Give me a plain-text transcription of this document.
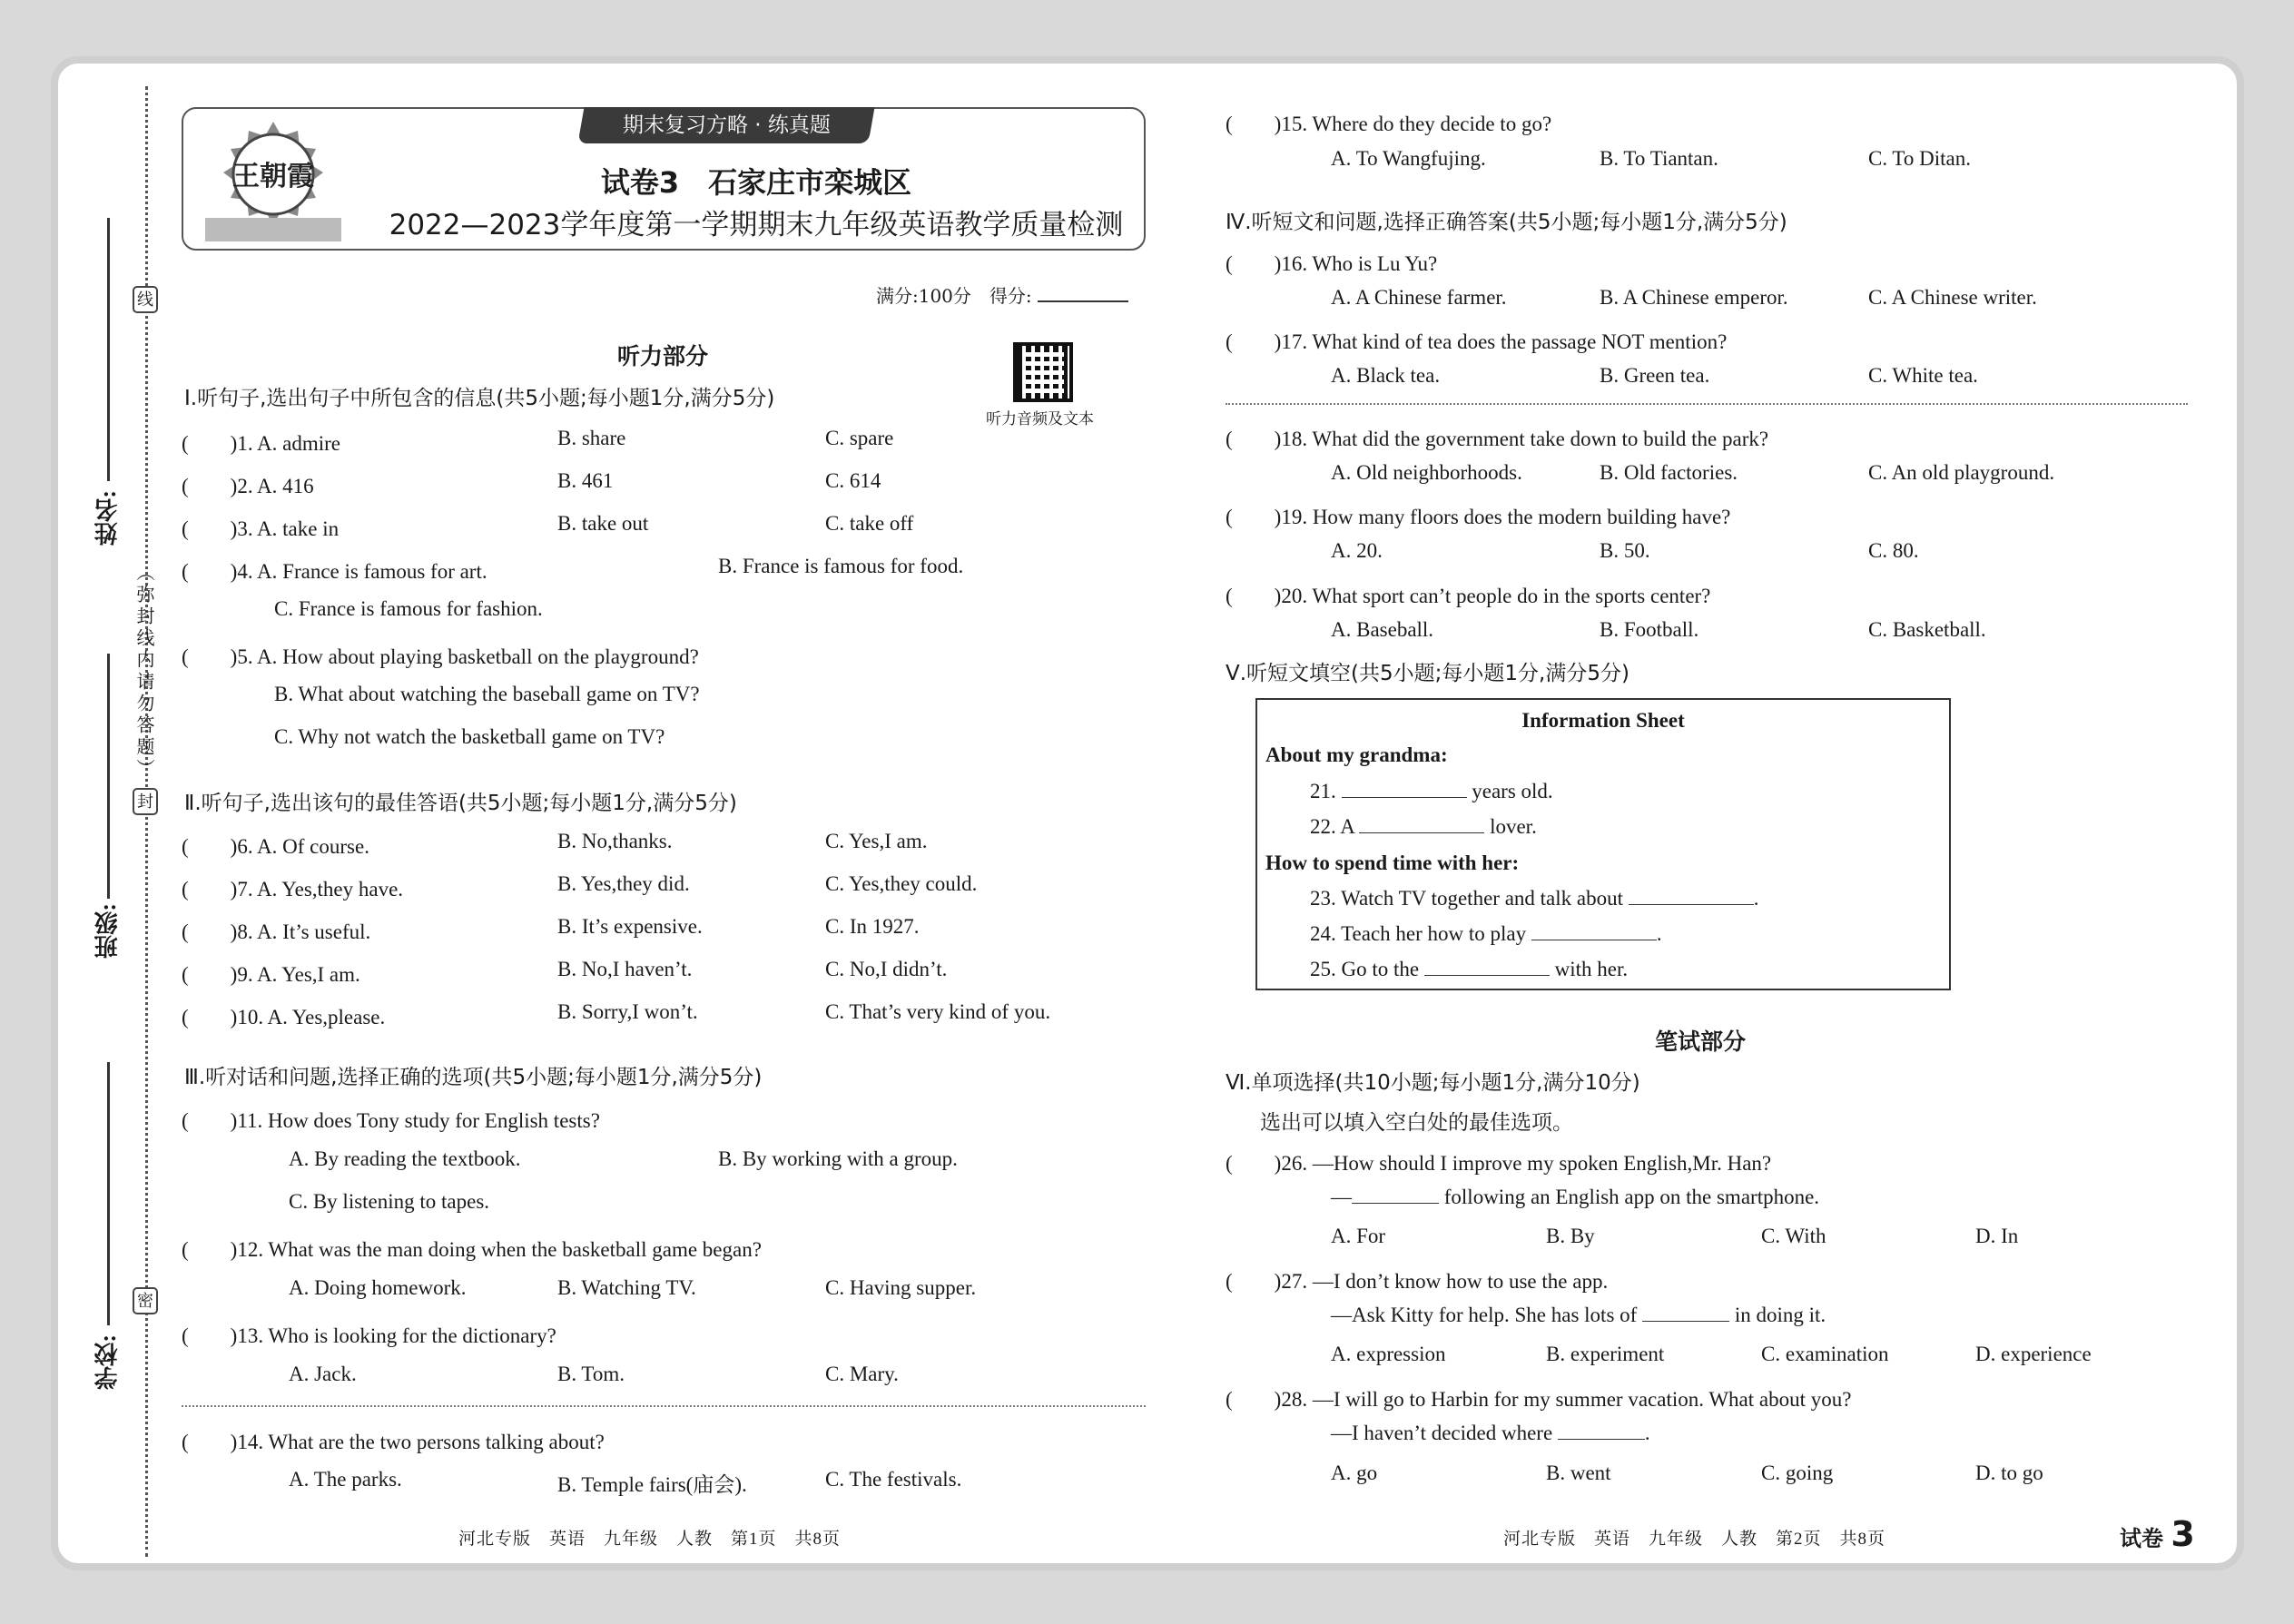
姓名:
班级:
学校:
线
（弥封线内请勿答题）
封
密
期末复习方略 · 练真题
王朝霞	试卷3　石家庄市栾城区
2022—2023学年度第一学期期末九年级英语教学质量检测
满分:100分　 得分:
听力音频及文本
听力部分
Ⅰ.听句子,选出句子中所包含的信息(共5小题;每小题1分,满分5分)
(　　)1. A. admire	B. share	C. spare
(　　)2. A. 416	B. 461	C. 614
(　　)3. A. take in	B. take out	C. take off
(　　)4. A. France is famous for art.	B. France is famous for food.
C. France is famous for fashion.
(　　)5. A. How about playing basketball on the playground?
B. What about watching the baseball game on TV?
C. Why not watch the basketball game on TV?
Ⅱ.听句子,选出该句的最佳答语(共5小题;每小题1分,满分5分)
(　　)6. A. Of course.	B. No,thanks.	C. Yes,I am.
(　　)7. A. Yes,they have.	B. Yes,they did.	C. Yes,they could.
(　　)8. A. It’s useful.	B. It’s expensive.	C. In 1927.
(　　)9. A. Yes,I am.	B. No,I haven’t.	C. No,I didn’t.
(　　)10. A. Yes,please.	B. Sorry,I won’t.	C. That’s very kind of you.
Ⅲ.听对话和问题,选择正确的选项(共5小题;每小题1分,满分5分)
(　　)11. How does Tony study for English tests?
A. By reading the textbook.	B. By working with a group.
C. By listening to tapes.
(　　)12. What was the man doing when the basketball game began?
A. Doing homework.	B. Watching TV.	C. Having supper.
(　　)13. Who is looking for the dictionary?
A. Jack.	B. Tom.	C. Mary.
(　　)14. What are the two persons talking about?
A. The parks.	B. Temple fairs(庙会).	C. The festivals.
河北专版　英语　九年级　人教　第1页　共8页
(　　)15. Where do they decide to go?
A. To Wangfujing.	B. To Tiantan.	C. To Ditan.
Ⅳ.听短文和问题,选择正确答案(共5小题;每小题1分,满分5分)
(　　)16. Who is Lu Yu?
A. A Chinese farmer.	B. A Chinese emperor.	C. A Chinese writer.
(　　)17. What kind of tea does the passage NOT mention?
A. Black tea.	B. Green tea.	C. White tea.
(　　)18. What did the government take down to build the park?
A. Old neighborhoods.	B. Old factories.	C. An old playground.
(　　)19. How many floors does the modern building have?
A. 20.	B. 50.	C. 80.
(　　)20. What sport can’t people do in the sports center?
A. Baseball.	B. Football.	C. Basketball.
Ⅴ.听短文填空(共5小题;每小题1分,满分5分)
Information Sheet
About my grandma:
21.	years old.
22. A	lover.
How to spend time with her:
23. Watch TV together and talk about	.
24. Teach her how to play	.
25. Go to the	with her.
笔试部分
Ⅵ.单项选择(共10小题;每小题1分,满分10分)
选出可以填入空白处的最佳选项。
(　　)26. —How should I improve my spoken English,Mr. Han?
—	following an English app on the smartphone.
A. For	B. By	C. With	D. In
(　　)27. —I don’t know how to use the app.
—Ask Kitty for help. She has lots of	in doing it.
A. expression	B. experiment	C. examination	D. experience
(　　)28. —I will go to Harbin for my summer vacation. What about you?
—I haven’t decided where	.
A. go	B. went	C. going	D. to go
河北专版　英语　九年级　人教　第2页　共8页	试卷 3
